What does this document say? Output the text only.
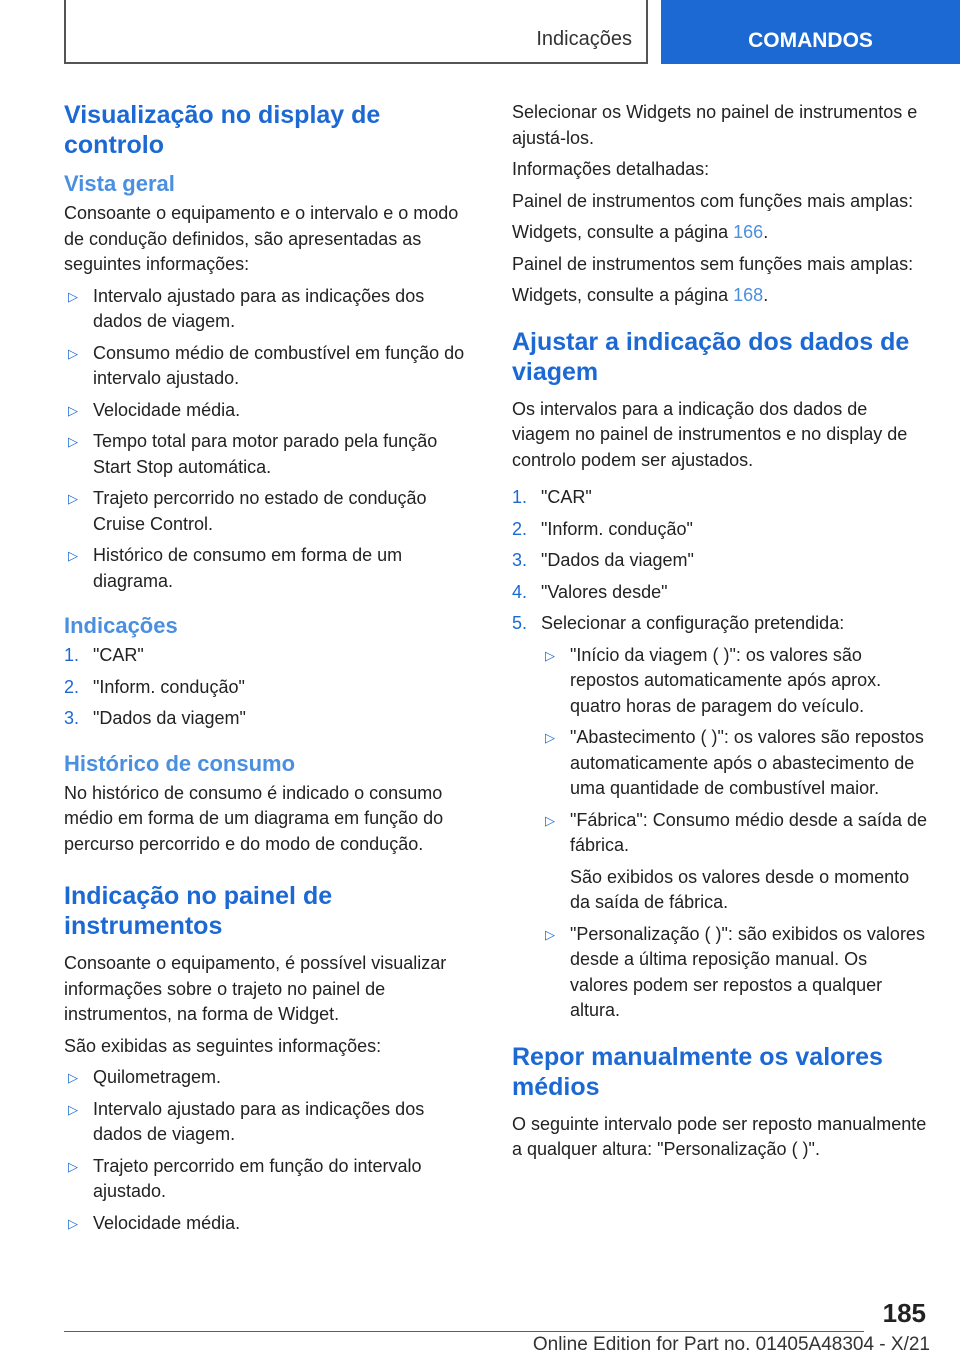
Indicações	COMANDOS
Visualização no display de controlo
Vista geral

Consoante o equipamento e o intervalo e o modo de condução definidos, são apresentadas as seguintes informações:

▷ Intervalo ajustado para as indicações dos dados de viagem.
▷ Consumo médio de combustível em função do intervalo ajustado.
▷ Velocidade média.
▷ Tempo total para motor parado pela função Start Stop automática.
▷ Trajeto percorrido no estado de condução Cruise Control.
▷ Histórico de consumo em forma de um diagrama.
Indicações
1. "CAR"
2. "Inform. condução"
3. "Dados da viagem"
Histórico de consumo

No histórico de consumo é indicado o consumo médio em forma de um diagrama em função do percurso percorrido e do modo de condução.

Indicação no painel de instrumentos

Consoante o equipamento, é possível visualizar informações sobre o trajeto no painel de instrumentos, na forma de Widget.

São exibidas as seguintes informações:

▷ Quilometragem.
▷ Intervalo ajustado para as indicações dos dados de viagem.
▷ Trajeto percorrido em função do intervalo ajustado.
▷ Velocidade média.

Selecionar os Widgets no painel de instrumentos e ajustá-los.

Informações detalhadas:

Painel de instrumentos com funções mais amplas:

Widgets, consulte a página 166.

Painel de instrumentos sem funções mais amplas:

Widgets, consulte a página 168.

Ajustar a indicação dos dados de viagem

Os intervalos para a indicação dos dados de viagem no painel de instrumentos e no display de controlo podem ser ajustados.

1. "CAR"
2. "Inform. condução"
3. "Dados da viagem"
4. "Valores desde"
5. Selecionar a configuração pretendida:
▷ "Início da viagem ( )": os valores são repostos automaticamente após aprox. quatro horas de paragem do veículo.
▷ "Abastecimento ( )": os valores são repostos automaticamente após o abastecimento de uma quantidade de combustível maior.
▷ "Fábrica": Consumo médio desde a saída de fábrica.
São exibidos os valores desde o momento da saída de fábrica.
▷ "Personalização ( )": são exibidos os valores desde a última reposição manual. Os valores podem ser repostos a qualquer altura.
Repor manualmente os valores médios

O seguinte intervalo pode ser reposto manualmente a qualquer altura: "Personalização ( )".

185
Online Edition for Part no. 01405A48304 - X/21
